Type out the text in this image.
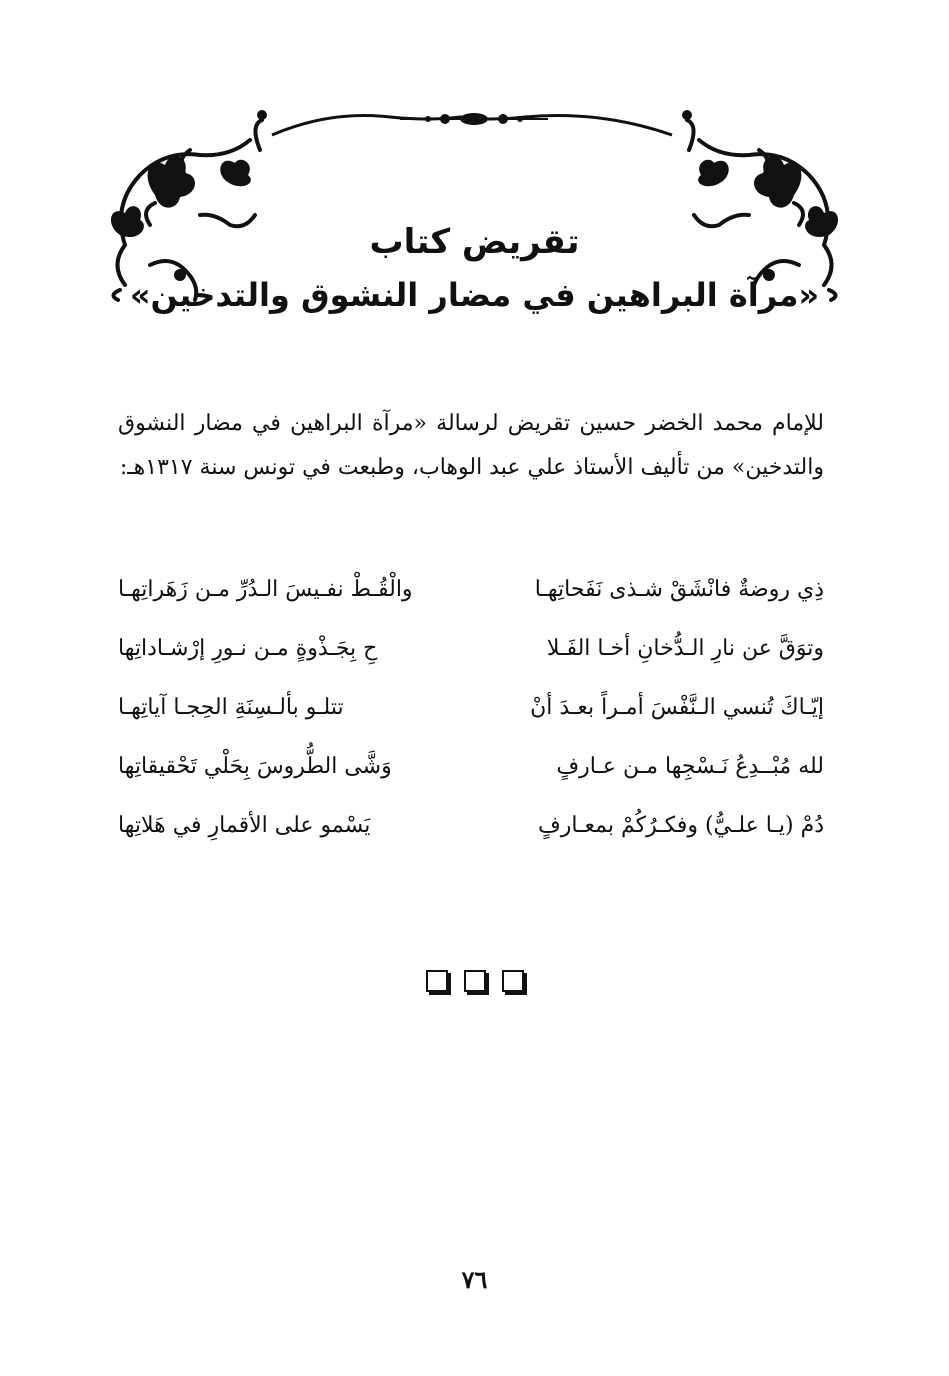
تقريض كتاب
«مرآة البراهين في مضار النشوق والتدخين»
للإمام محمد الخضر حسين تقريض لرسالة «مرآة البراهين في مضار النشوق والتدخين» من تأليف الأستاذ علي عبد الوهاب، وطبعت في تونس سنة ١٣١٧هـ:
ذِي روضةٌ فانْشَقْ شـذى نَفَحاتِهـا
والْقُـطْ نفـيسَ الـدُرِّ مـن زَهَراتِهـا
وتوَقَّ عن نارِ الـدُّخانِ أخـا الفَـلا
حِ بِجَـذْوةٍ مـن نـورِ إرْشـاداتِها
إيّـاكَ تُنسي الـنَّفْسَ أمـراً بعـدَ أنْ
تتلـو بألـسِنَةِ الحِجـا آياتِهـا
لله مُبْــدِعُ نَـسْجِها مـن عـارفٍ
وَشَّى الطُّروسَ بِحَلْي تَحْقيقاتِها
دُمْ (يـا علـيُّ) وفكـرُكُمْ بمعـارفٍ
يَسْمو على الأقمارِ في هَلاتِها
٧٦
